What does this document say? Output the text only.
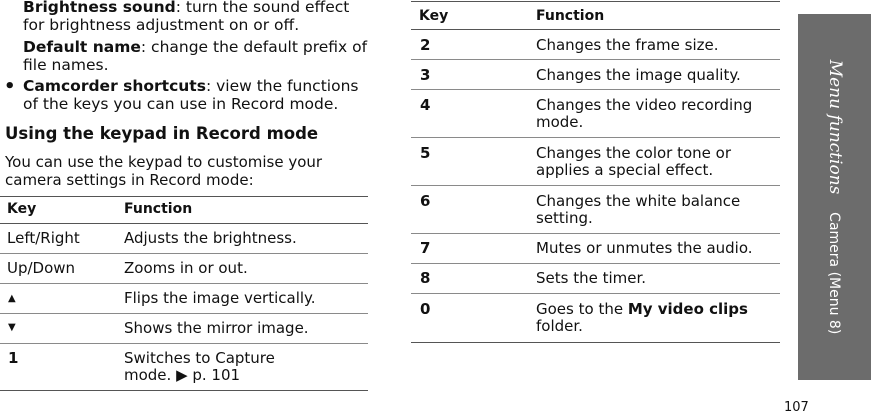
Brightness sound: turn the sound effect
for brightness adjustment on or off.
Default name: change the default prefix of
file names.
• Camcorder shortcuts: view the functions
of the keys you can use in Record mode.
Using the keypad in Record mode
You can use the keypad to customise your
camera settings in Record mode:
Key	Function
Left/Right	Adjusts the brightness.
Up/Down	Zooms in or out.
▲	Flips the image vertically.
▼	Shows the mirror image.
1	Switches to Capture
mode. ▶ p. 101
Key	Function
2	Changes the frame size.
3	Changes the image quality.
4	Changes the video recording
mode.
5	Changes the color tone or
applies a special effect.
6	Changes the white balance
setting.
7	Mutes or unmutes the audio.
8	Sets the timer.
0	Goes to the My video clips
folder.
Menu functions    Camera (Menu 8)
107
